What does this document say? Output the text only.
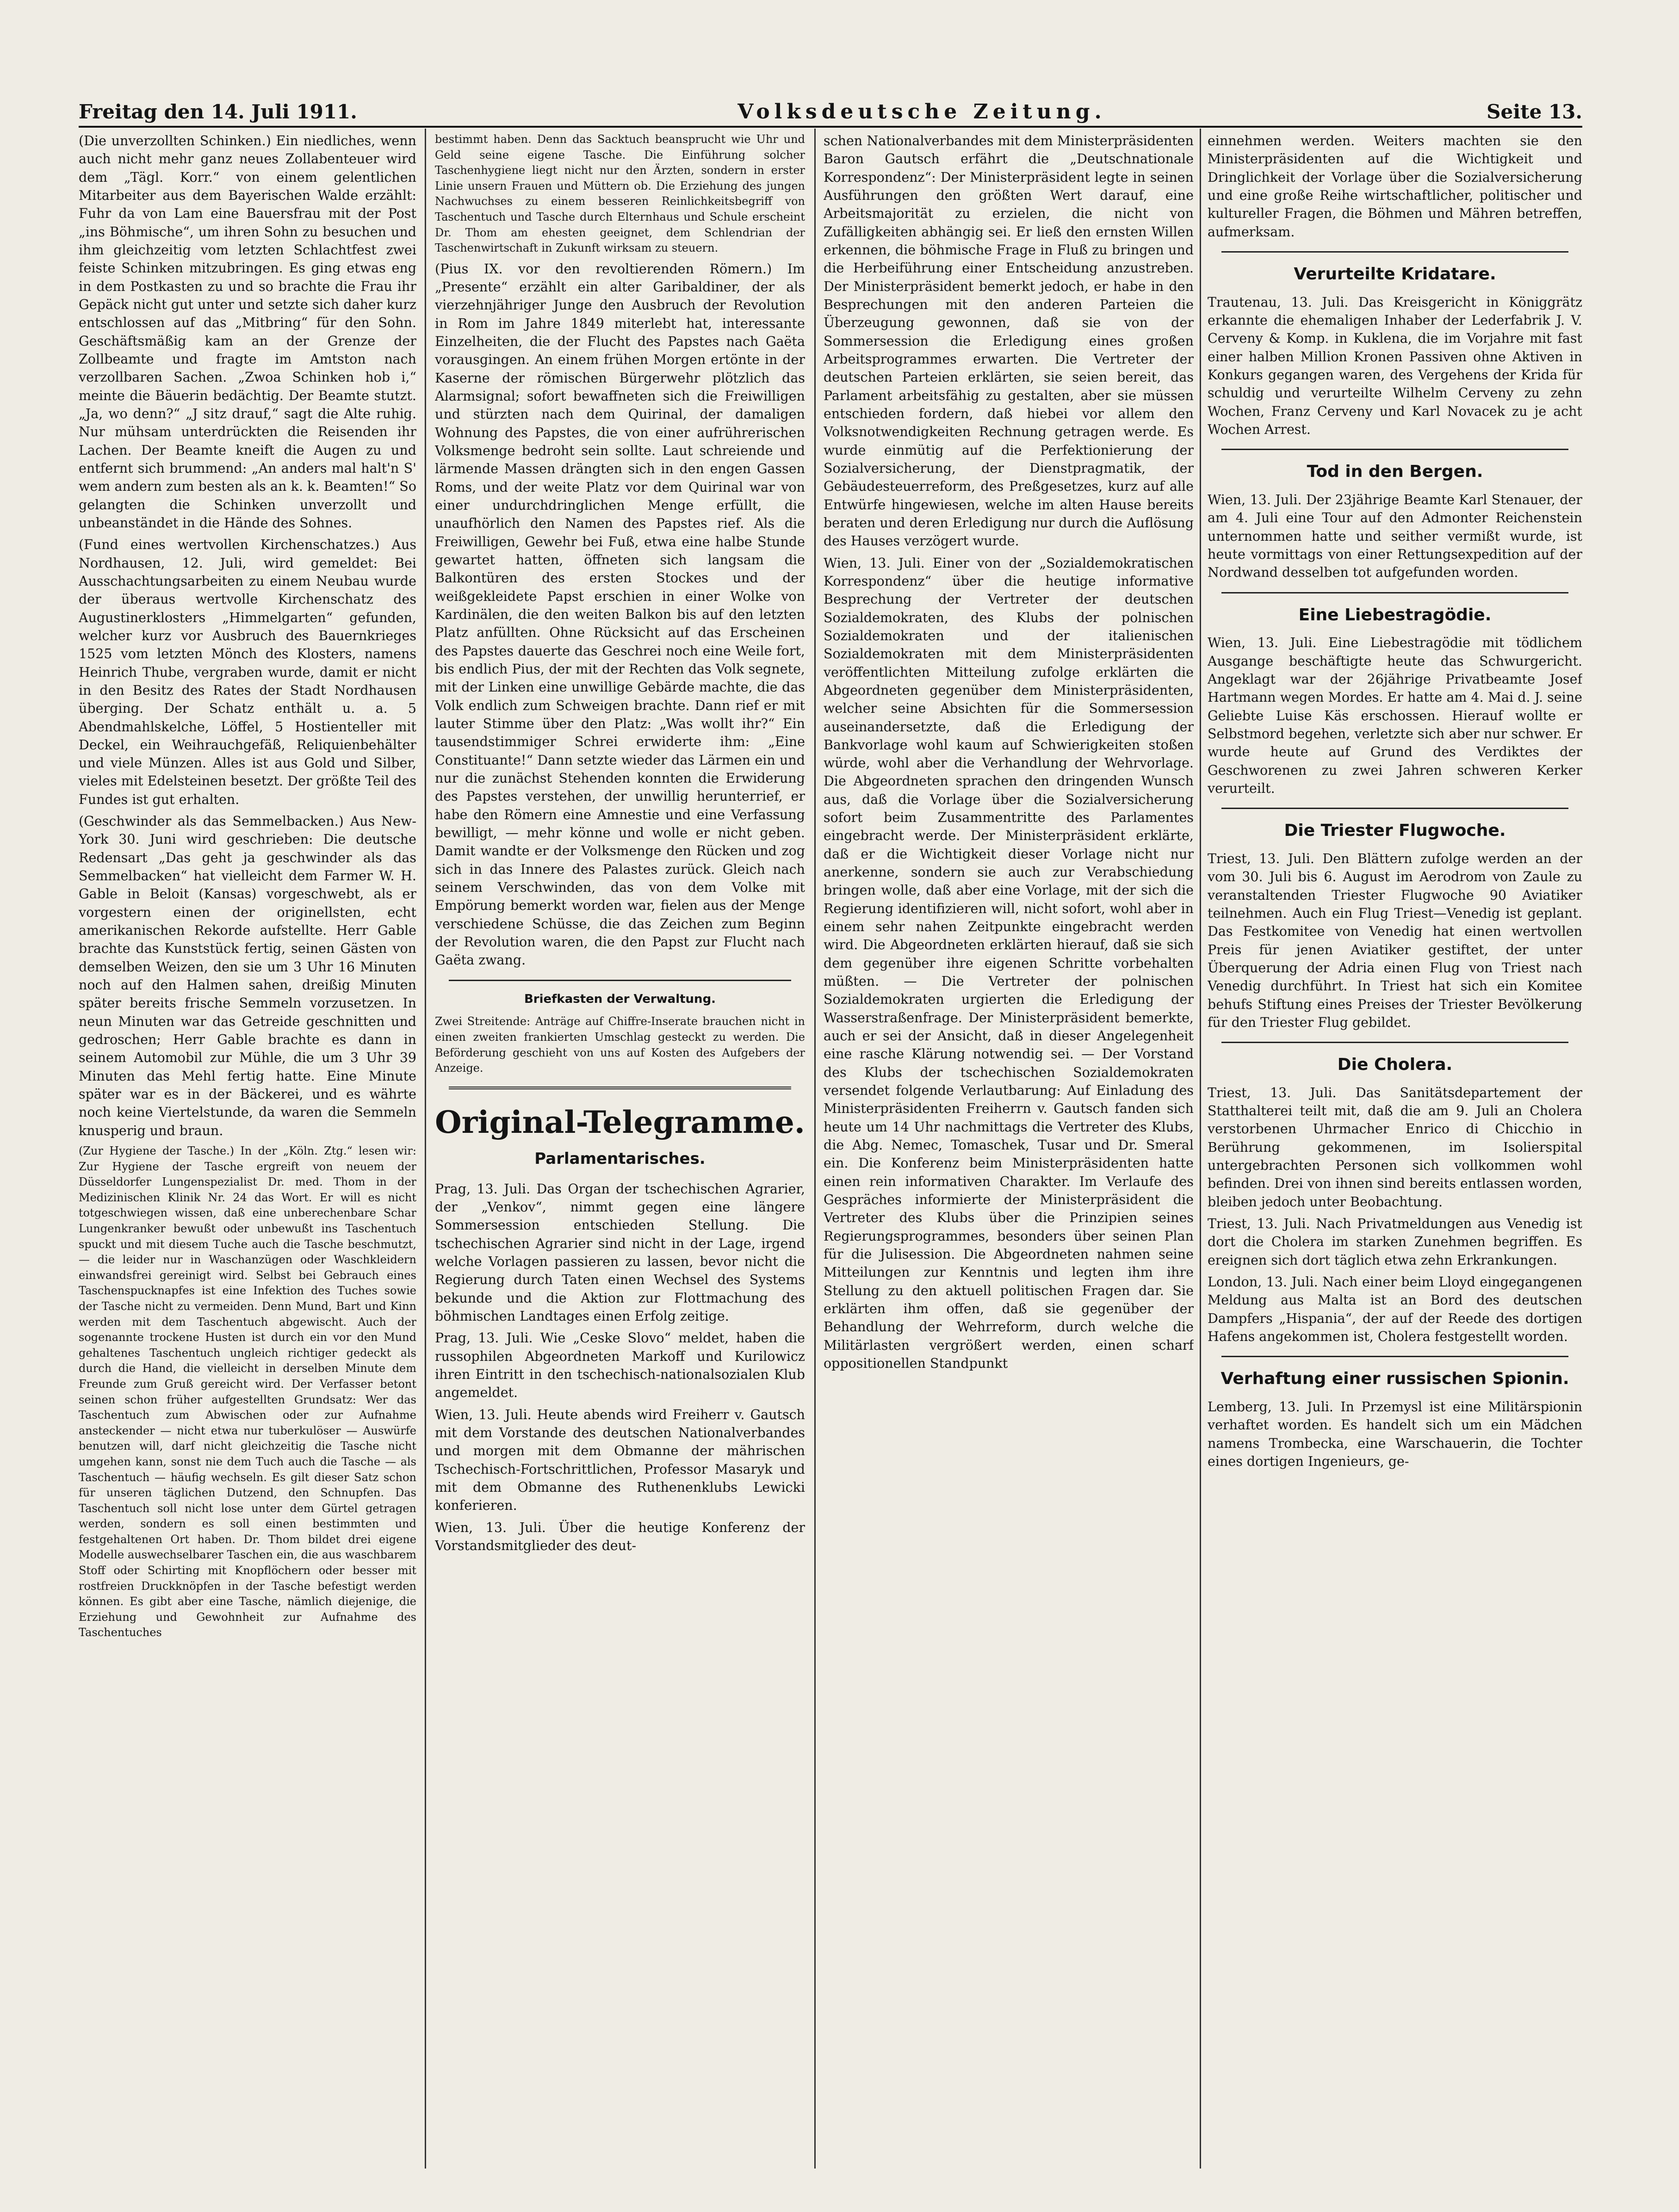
Freitag den 14. Juli 1911.	Volksdeutsche Zeitung.	Seite 13.

(Die unverzollten Schinken.) Ein niedliches, wenn auch nicht mehr ganz neues Zollabenteuer wird dem „Tägl. Korr.“ von einem gelentlichen Mitarbeiter aus dem Bayerischen Walde erzählt: Fuhr da von Lam eine Bauersfrau mit der Post „ins Böhmische“, um ihren Sohn zu besuchen und ihm gleichzeitig vom letzten Schlachtfest zwei feiste Schinken mitzubringen. Es ging etwas eng in dem Postkasten zu und so brachte die Frau ihr Gepäck nicht gut unter und setzte sich daher kurz entschlossen auf das „Mitbring“ für den Sohn. Geschäftsmäßig kam an der Grenze der Zollbeamte und fragte im Amtston nach verzollbaren Sachen. „Zwoa Schinken hob i,“ meinte die Bäuerin bedächtig. Der Beamte stutzt. „Ja, wo denn?“ „J sitz drauf,“ sagt die Alte ruhig. Nur mühsam unterdrückten die Reisenden ihr Lachen. Der Beamte kneift die Augen zu und entfernt sich brummend: „An anders mal halt'n S' wem andern zum besten als an k. k. Beamten!“ So gelangten die Schinken unverzollt und unbeanständet in die Hände des Sohnes.

(Fund eines wertvollen Kirchenschatzes.) Aus Nordhausen, 12. Juli, wird gemeldet: Bei Ausschachtungsarbeiten zu einem Neubau wurde der überaus wertvolle Kirchenschatz des Augustinerklosters „Himmelgarten“ gefunden, welcher kurz vor Ausbruch des Bauernkrieges 1525 vom letzten Mönch des Klosters, namens Heinrich Thube, vergraben wurde, damit er nicht in den Besitz des Rates der Stadt Nordhausen überging. Der Schatz enthält u. a. 5 Abendmahlskelche, Löffel, 5 Hostienteller mit Deckel, ein Weihrauchgefäß, Reliquienbehälter und viele Münzen. Alles ist aus Gold und Silber, vieles mit Edelsteinen besetzt. Der größte Teil des Fundes ist gut erhalten.

(Geschwinder als das Semmelbacken.) Aus New-York 30. Juni wird geschrieben: Die deutsche Redensart „Das geht ja geschwinder als das Semmelbacken“ hat vielleicht dem Farmer W. H. Gable in Beloit (Kansas) vorgeschwebt, als er vorgestern einen der originellsten, echt amerikanischen Rekorde aufstellte. Herr Gable brachte das Kunststück fertig, seinen Gästen von demselben Weizen, den sie um 3 Uhr 16 Minuten noch auf den Halmen sahen, dreißig Minuten später bereits frische Semmeln vorzusetzen. In neun Minuten war das Getreide geschnitten und gedroschen; Herr Gable brachte es dann in seinem Automobil zur Mühle, die um 3 Uhr 39 Minuten das Mehl fertig hatte. Eine Minute später war es in der Bäckerei, und es währte noch keine Viertelstunde, da waren die Semmeln knusperig und braun.

(Zur Hygiene der Tasche.) In der „Köln. Ztg.“ lesen wir: Zur Hygiene der Tasche ergreift von neuem der Düsseldorfer Lungenspezialist Dr. med. Thom in der Medizinischen Klinik Nr. 24 das Wort. Er will es nicht totgeschwiegen wissen, daß eine unberechenbare Schar Lungenkranker bewußt oder unbewußt ins Taschentuch spuckt und mit diesem Tuche auch die Tasche beschmutzt, — die leider nur in Waschanzügen oder Waschkleidern einwandsfrei gereinigt wird. Selbst bei Gebrauch eines Taschenspucknapfes ist eine Infektion des Tuches sowie der Tasche nicht zu vermeiden. Denn Mund, Bart und Kinn werden mit dem Taschentuch abgewischt. Auch der sogenannte trockene Husten ist durch ein vor den Mund gehaltenes Taschentuch ungleich richtiger gedeckt als durch die Hand, die vielleicht in derselben Minute dem Freunde zum Gruß gereicht wird. Der Verfasser betont seinen schon früher aufgestellten Grundsatz: Wer das Taschentuch zum Abwischen oder zur Aufnahme ansteckender — nicht etwa nur tuberkulöser — Auswürfe benutzen will, darf nicht gleichzeitig die Tasche nicht umgehen kann, sonst nie dem Tuch auch die Tasche — als Taschentuch — häufig wechseln. Es gilt dieser Satz schon für unseren täglichen Dutzend, den Schnupfen. Das Taschentuch soll nicht lose unter dem Gürtel getragen werden, sondern es soll einen bestimmten und festgehaltenen Ort haben. Dr. Thom bildet drei eigene Modelle auswechselbarer Taschen ein, die aus waschbarem Stoff oder Schirting mit Knopflöchern oder besser mit rostfreien Druckknöpfen in der Tasche befestigt werden können. Es gibt aber eine Tasche, nämlich diejenige, die Erziehung und Gewohnheit zur Aufnahme des Taschentuches

bestimmt haben. Denn das Sacktuch beansprucht wie Uhr und Geld seine eigene Tasche. Die Einführung solcher Taschenhygiene liegt nicht nur den Ärzten, sondern in erster Linie unsern Frauen und Müttern ob. Die Erziehung des jungen Nachwuchses zu einem besseren Reinlichkeitsbegriff von Taschentuch und Tasche durch Elternhaus und Schule erscheint Dr. Thom am ehesten geeignet, dem Schlendrian der Taschenwirtschaft in Zukunft wirksam zu steuern.

(Pius IX. vor den revoltierenden Römern.) Im „Presente“ erzählt ein alter Garibaldiner, der als vierzehnjähriger Junge den Ausbruch der Revolution in Rom im Jahre 1849 miterlebt hat, interessante Einzelheiten, die der Flucht des Papstes nach Gaëta vorausgingen. An einem frühen Morgen ertönte in der Kaserne der römischen Bürgerwehr plötzlich das Alarmsignal; sofort bewaffneten sich die Freiwilligen und stürzten nach dem Quirinal, der damaligen Wohnung des Papstes, die von einer aufrührerischen Volksmenge bedroht sein sollte. Laut schreiende und lärmende Massen drängten sich in den engen Gassen Roms, und der weite Platz vor dem Quirinal war von einer undurchdringlichen Menge erfüllt, die unaufhörlich den Namen des Papstes rief. Als die Freiwilligen, Gewehr bei Fuß, etwa eine halbe Stunde gewartet hatten, öffneten sich langsam die Balkontüren des ersten Stockes und der weißgekleidete Papst erschien in einer Wolke von Kardinälen, die den weiten Balkon bis auf den letzten Platz anfüllten. Ohne Rücksicht auf das Erscheinen des Papstes dauerte das Geschrei noch eine Weile fort, bis endlich Pius, der mit der Rechten das Volk segnete, mit der Linken eine unwillige Gebärde machte, die das Volk endlich zum Schweigen brachte. Dann rief er mit lauter Stimme über den Platz: „Was wollt ihr?“ Ein tausendstimmiger Schrei erwiderte ihm: „Eine Constituante!“ Dann setzte wieder das Lärmen ein und nur die zunächst Stehenden konnten die Erwiderung des Papstes verstehen, der unwillig herunterrief, er habe den Römern eine Amnestie und eine Verfassung bewilligt, — mehr könne und wolle er nicht geben. Damit wandte er der Volksmenge den Rücken und zog sich in das Innere des Palastes zurück. Gleich nach seinem Verschwinden, das von dem Volke mit Empörung bemerkt worden war, fielen aus der Menge verschiedene Schüsse, die das Zeichen zum Beginn der Revolution waren, die den Papst zur Flucht nach Gaëta zwang.

Briefkasten der Verwaltung.

Zwei Streitende: Anträge auf Chiffre-Inserate brauchen nicht in einen zweiten frankierten Umschlag gesteckt zu werden. Die Beförderung geschieht von uns auf Kosten des Aufgebers der Anzeige.

Original-Telegramme.
Parlamentarisches.

Prag, 13. Juli. Das Organ der tschechischen Agrarier, der „Venkov“, nimmt gegen eine längere Sommersession entschieden Stellung. Die tschechischen Agrarier sind nicht in der Lage, irgend welche Vorlagen passieren zu lassen, bevor nicht die Regierung durch Taten einen Wechsel des Systems bekunde und die Aktion zur Flottmachung des böhmischen Landtages einen Erfolg zeitige.

Prag, 13. Juli. Wie „Ceske Slovo“ meldet, haben die russophilen Abgeordneten Markoff und Kurilowicz ihren Eintritt in den tschechisch-nationalsozialen Klub angemeldet.

Wien, 13. Juli. Heute abends wird Freiherr v. Gautsch mit dem Vorstande des deutschen Nationalverbandes und morgen mit dem Obmanne der mährischen Tschechisch-Fortschrittlichen, Professor Masaryk und mit dem Obmanne des Ruthenenklubs Lewicki konferieren.

Wien, 13. Juli. Über die heutige Konferenz der Vorstandsmitglieder des deut-

schen Nationalverbandes mit dem Ministerpräsidenten Baron Gautsch erfährt die „Deutschnationale Korrespondenz“: Der Ministerpräsident legte in seinen Ausführungen den größten Wert darauf, eine Arbeitsmajorität zu erzielen, die nicht von Zufälligkeiten abhängig sei. Er ließ den ernsten Willen erkennen, die böhmische Frage in Fluß zu bringen und die Herbeiführung einer Entscheidung anzustreben. Der Ministerpräsident bemerkt jedoch, er habe in den Besprechungen mit den anderen Parteien die Überzeugung gewonnen, daß sie von der Sommersession die Erledigung eines großen Arbeitsprogrammes erwarten. Die Vertreter der deutschen Parteien erklärten, sie seien bereit, das Parlament arbeitsfähig zu gestalten, aber sie müssen entschieden fordern, daß hiebei vor allem den Volksnotwendigkeiten Rechnung getragen werde. Es wurde einmütig auf die Perfektionierung der Sozialversicherung, der Dienstpragmatik, der Gebäudesteuerreform, des Preßgesetzes, kurz auf alle Entwürfe hingewiesen, welche im alten Hause bereits beraten und deren Erledigung nur durch die Auflösung des Hauses verzögert wurde.

Wien, 13. Juli. Einer von der „Sozialdemokratischen Korrespondenz“ über die heutige informative Besprechung der Vertreter der deutschen Sozialdemokraten, des Klubs der polnischen Sozialdemokraten und der italienischen Sozialdemokraten mit dem Ministerpräsidenten veröffentlichten Mitteilung zufolge erklärten die Abgeordneten gegenüber dem Ministerpräsidenten, welcher seine Absichten für die Sommersession auseinandersetzte, daß die Erledigung der Bankvorlage wohl kaum auf Schwierigkeiten stoßen würde, wohl aber die Verhandlung der Wehrvorlage. Die Abgeordneten sprachen den dringenden Wunsch aus, daß die Vorlage über die Sozialversicherung sofort beim Zusammentritte des Parlamentes eingebracht werde. Der Ministerpräsident erklärte, daß er die Wichtigkeit dieser Vorlage nicht nur anerkenne, sondern sie auch zur Verabschiedung bringen wolle, daß aber eine Vorlage, mit der sich die Regierung identifizieren will, nicht sofort, wohl aber in einem sehr nahen Zeitpunkte eingebracht werden wird. Die Abgeordneten erklärten hierauf, daß sie sich dem gegenüber ihre eigenen Schritte vorbehalten müßten. — Die Vertreter der polnischen Sozialdemokraten urgierten die Erledigung der Wasserstraßenfrage. Der Ministerpräsident bemerkte, auch er sei der Ansicht, daß in dieser Angelegenheit eine rasche Klärung notwendig sei. — Der Vorstand des Klubs der tschechischen Sozialdemokraten versendet folgende Verlautbarung: Auf Einladung des Ministerpräsidenten Freiherrn v. Gautsch fanden sich heute um 14 Uhr nachmittags die Vertreter des Klubs, die Abg. Nemec, Tomaschek, Tusar und Dr. Smeral ein. Die Konferenz beim Ministerpräsidenten hatte einen rein informativen Charakter. Im Verlaufe des Gespräches informierte der Ministerpräsident die Vertreter des Klubs über die Prinzipien seines Regierungsprogrammes, besonders über seinen Plan für die Julisession. Die Abgeordneten nahmen seine Mitteilungen zur Kenntnis und legten ihm ihre Stellung zu den aktuell politischen Fragen dar. Sie erklärten ihm offen, daß sie gegenüber der Behandlung der Wehrreform, durch welche die Militärlasten vergrößert werden, einen scharf oppositionellen Standpunkt

einnehmen werden. Weiters machten sie den Ministerpräsidenten auf die Wichtigkeit und Dringlichkeit der Vorlage über die Sozialversicherung und eine große Reihe wirtschaftlicher, politischer und kultureller Fragen, die Böhmen und Mähren betreffen, aufmerksam.

Verurteilte Kridatare.

Trautenau, 13. Juli. Das Kreisgericht in Königgrätz erkannte die ehemaligen Inhaber der Lederfabrik J. V. Cerveny & Komp. in Kuklena, die im Vorjahre mit fast einer halben Million Kronen Passiven ohne Aktiven in Konkurs gegangen waren, des Vergehens der Krida für schuldig und verurteilte Wilhelm Cerveny zu zehn Wochen, Franz Cerveny und Karl Novacek zu je acht Wochen Arrest.

Tod in den Bergen.

Wien, 13. Juli. Der 23jährige Beamte Karl Stenauer, der am 4. Juli eine Tour auf den Admonter Reichenstein unternommen hatte und seither vermißt wurde, ist heute vormittags von einer Rettungsexpedition auf der Nordwand desselben tot aufgefunden worden.

Eine Liebestragödie.

Wien, 13. Juli. Eine Liebestragödie mit tödlichem Ausgange beschäftigte heute das Schwurgericht. Angeklagt war der 26jährige Privatbeamte Josef Hartmann wegen Mordes. Er hatte am 4. Mai d. J. seine Geliebte Luise Käs erschossen. Hierauf wollte er Selbstmord begehen, verletzte sich aber nur schwer. Er wurde heute auf Grund des Verdiktes der Geschworenen zu zwei Jahren schweren Kerker verurteilt.

Die Triester Flugwoche.

Triest, 13. Juli. Den Blättern zufolge werden an der vom 30. Juli bis 6. August im Aerodrom von Zaule zu veranstaltenden Triester Flugwoche 90 Aviatiker teilnehmen. Auch ein Flug Triest—Venedig ist geplant. Das Festkomitee von Venedig hat einen wertvollen Preis für jenen Aviatiker gestiftet, der unter Überquerung der Adria einen Flug von Triest nach Venedig durchführt. In Triest hat sich ein Komitee behufs Stiftung eines Preises der Triester Bevölkerung für den Triester Flug gebildet.

Die Cholera.

Triest, 13. Juli. Das Sanitätsdepartement der Statthalterei teilt mit, daß die am 9. Juli an Cholera verstorbenen Uhrmacher Enrico di Chicchio in Berührung gekommenen, im Isolierspital untergebrachten Personen sich vollkommen wohl befinden. Drei von ihnen sind bereits entlassen worden, bleiben jedoch unter Beobachtung.

Triest, 13. Juli. Nach Privatmeldungen aus Venedig ist dort die Cholera im starken Zunehmen begriffen. Es ereignen sich dort täglich etwa zehn Erkrankungen.

London, 13. Juli. Nach einer beim Lloyd eingegangenen Meldung aus Malta ist an Bord des deutschen Dampfers „Hispania“, der auf der Reede des dortigen Hafens angekommen ist, Cholera festgestellt worden.

Verhaftung einer russischen Spionin.

Lemberg, 13. Juli. In Przemysl ist eine Militärspionin verhaftet worden. Es handelt sich um ein Mädchen namens Trombecka, eine Warschauerin, die Tochter eines dortigen Ingenieurs, ge-
